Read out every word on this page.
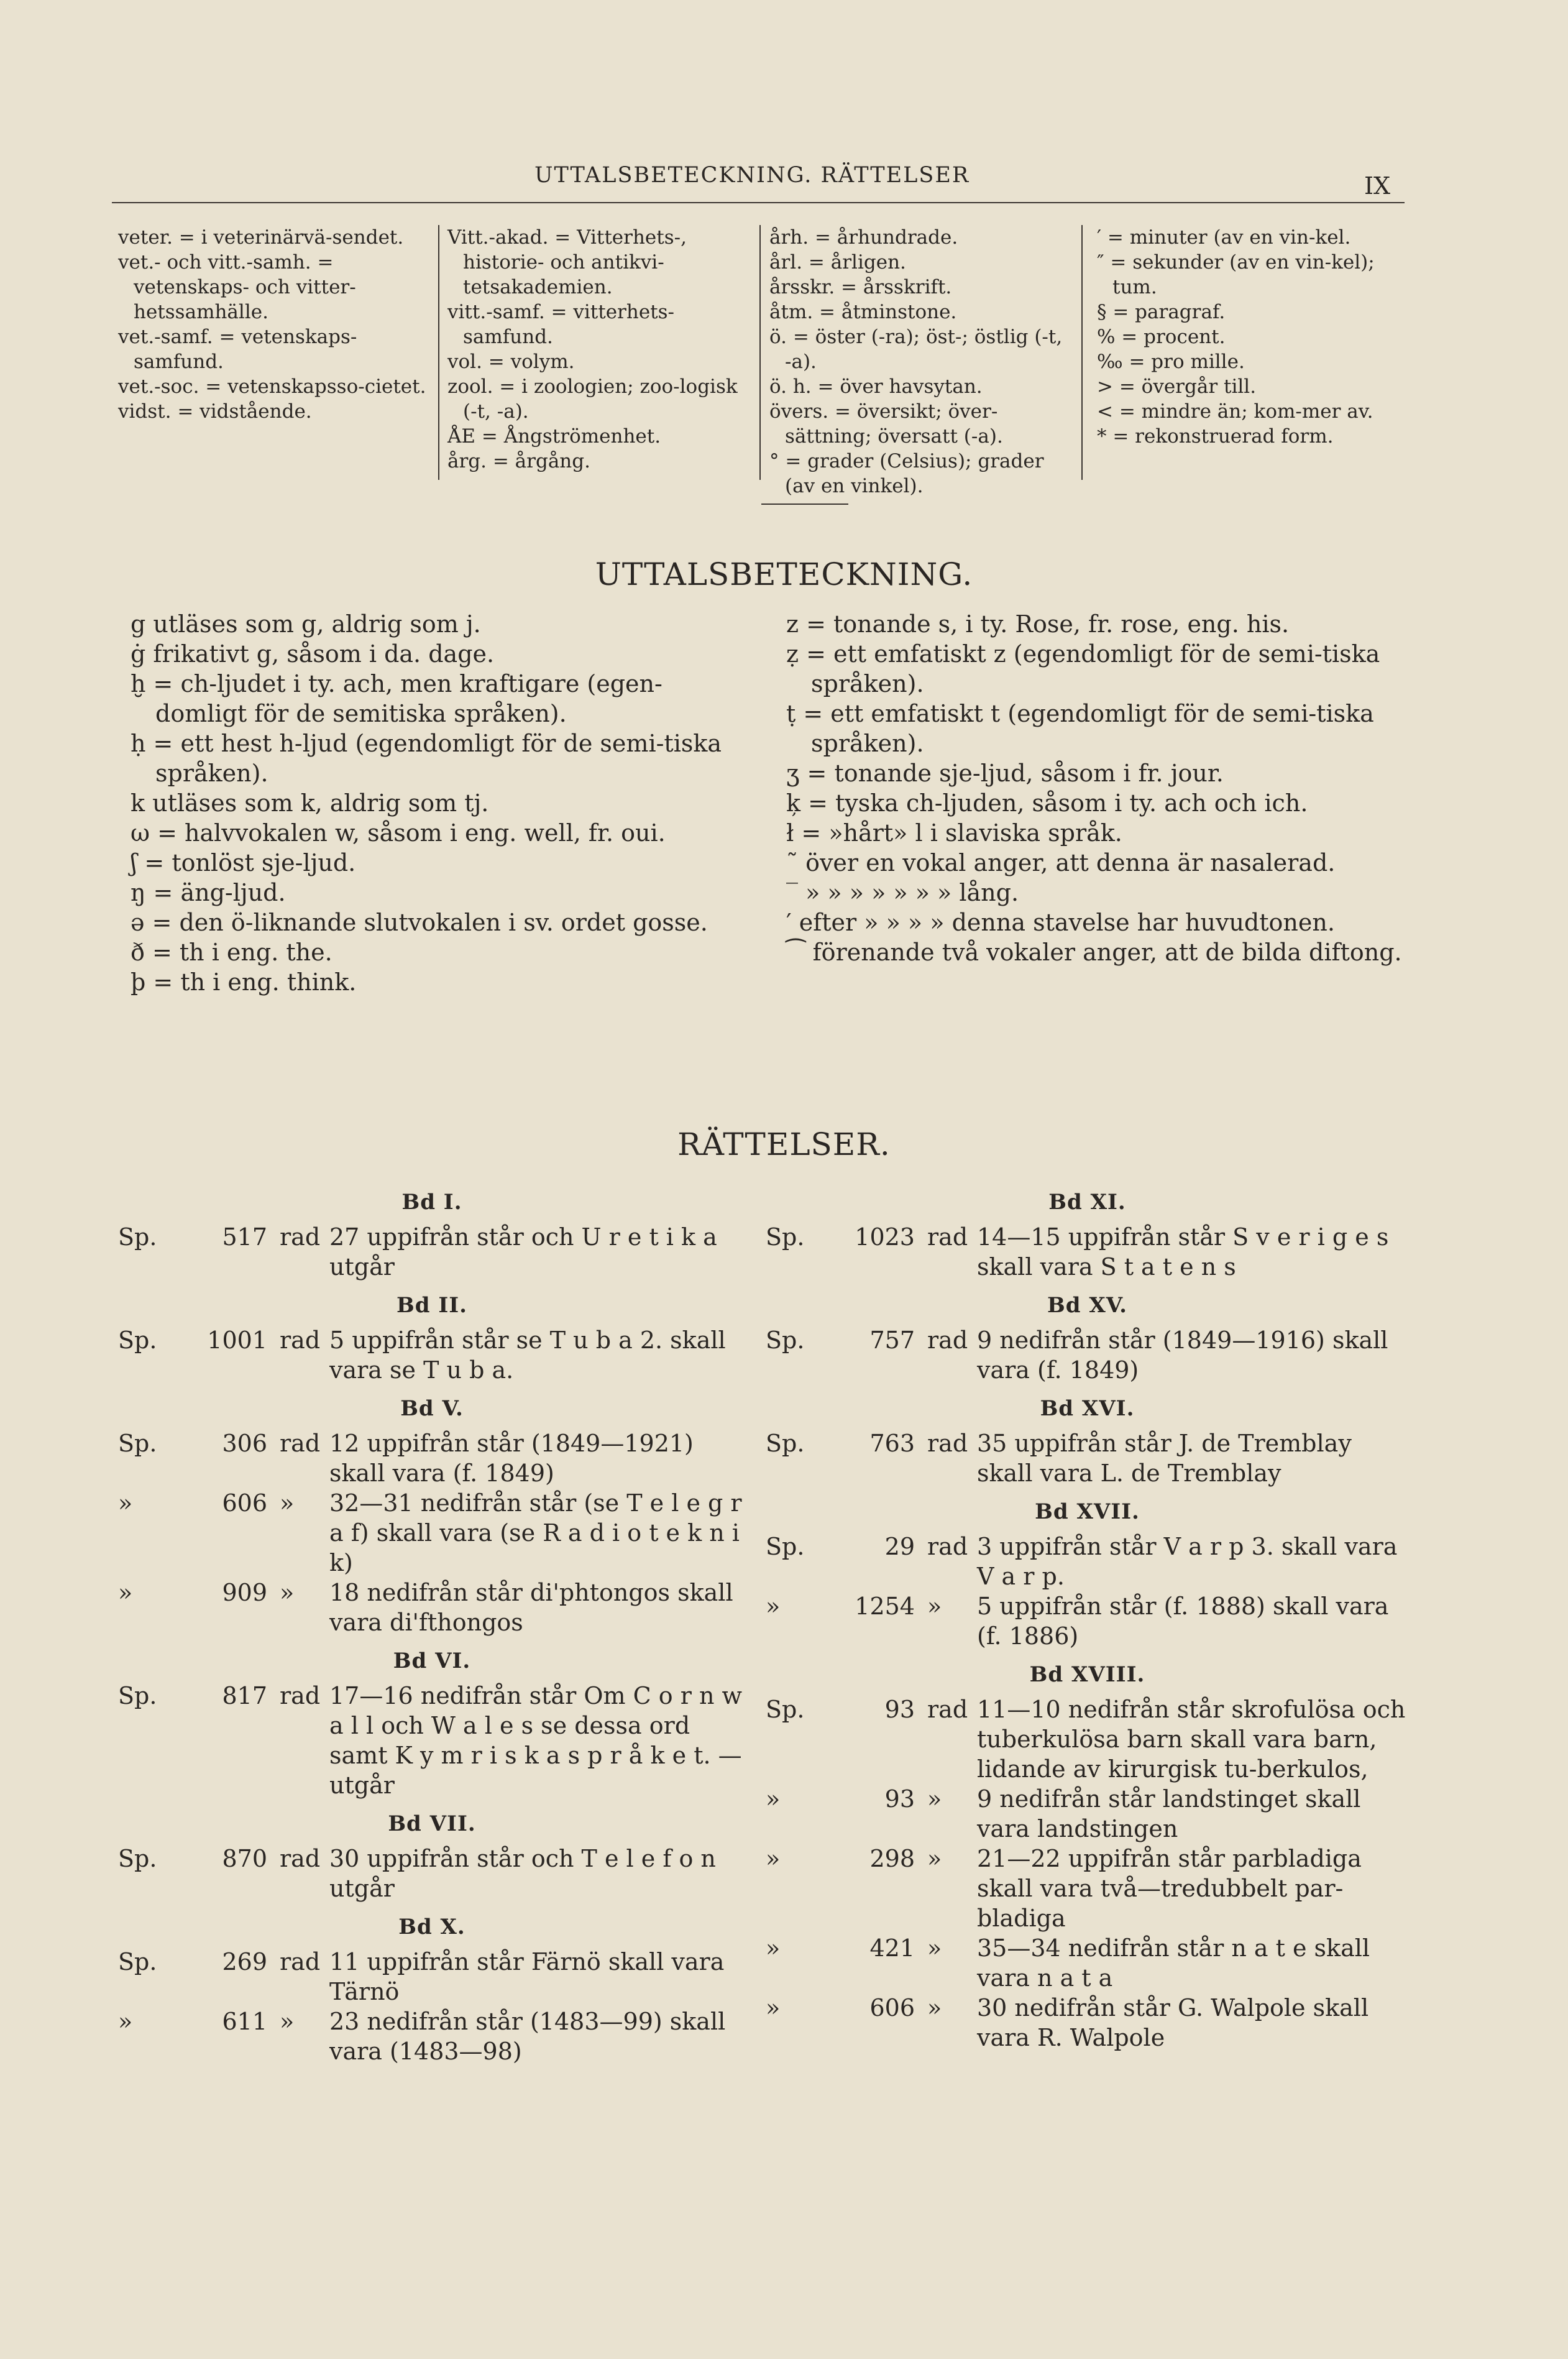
UTTALSBETECKNING. RÄTTELSER	IX

veter. = i veterinärvä-sendet.

vet.- och vitt.-samh. = vetenskaps- och vitter-hetssamhälle.

vet.-samf. = vetenskaps-samfund.

vet.-soc. = vetenskapsso-cietet.

vidst. = vidstående.

Vitt.-akad. = Vitterhets-, historie- och antikvi-tetsakademien.

vitt.-samf. = vitterhets-samfund.

vol. = volym.

zool. = i zoologien; zoo-logisk (-t, -a).

ÅE = Ångströmenhet.

årg. = årgång.

årh. = århundrade.

årl. = årligen.

årsskr. = årsskrift.

åtm. = åtminstone.

ö. = öster (-ra); öst-; östlig (-t, -a).

ö. h. = över havsytan.

övers. = översikt; över-sättning; översatt (-a).

° = grader (Celsius); grader (av en vinkel).

′ = minuter (av en vin-kel.

″ = sekunder (av en vin-kel); tum.

§ = paragraf.

% = procent.

‰ = pro mille.

> = övergår till.

< = mindre än; kom-mer av.

* = rekonstruerad form.

UTTALSBETECKNING.

g utläses som g, aldrig som j.

ġ frikativt g, såsom i da. dage.

ḫ = ch-ljudet i ty. ach, men kraftigare (egen-domligt för de semitiska språken).

ḥ = ett hest h-ljud (egendomligt för de semi-tiska språken).

k utläses som k, aldrig som tj.

ω = halvvokalen w, såsom i eng. well, fr. oui.

ʃ = tonlöst sje-ljud.

ŋ = äng-ljud.

ə = den ö-liknande slutvokalen i sv. ordet gosse.

ð = th i eng. the.

þ = th i eng. think.

z = tonande s, i ty. Rose, fr. rose, eng. his.

ẓ = ett emfatiskt z (egendomligt för de semi-tiska språken).

ṭ = ett emfatiskt t (egendomligt för de semi-tiska språken).

ʒ = tonande sje-ljud, såsom i fr. jour.

ķ = tyska ch-ljuden, såsom i ty. ach och ich.

ł = »hårt» l i slaviska språk.

˜ över en vokal anger, att denna är nasalerad.

‾ » » » » » » » lång.

′ efter » » » » denna stavelse har huvudtonen.

⁀ förenande två vokaler anger, att de bilda diftong.

RÄTTELSER.
Bd I.
Sp.	517 rad 27 uppifrån står och U r e t i k a utgår
Bd II.
Sp.	1001 rad 5 uppifrån står se T u b a 2. skall vara se T u b a.
Bd V.
Sp.	306 rad 12 uppifrån står (1849—1921) skall vara (f. 1849)
»	606 »	32—31 nedifrån står (se T e l e g r a f) skall vara (se R a d i o t e k n i k)
»	909 »	18 nedifrån står di'phtongos skall vara di'fthongos
Bd VI.
Sp.	817 rad 17—16 nedifrån står Om C o r n w a l l och W a l e s se dessa ord samt K y m r i s k a s p r å k e t. — utgår
Bd VII.
Sp.	870 rad 30 uppifrån står och T e l e f o n utgår
Bd X.
Sp.	269 rad 11 uppifrån står Färnö skall vara Tärnö
»	611 »	23 nedifrån står (1483—99) skall vara (1483—98)
Bd XI.
Sp.	1023 rad 14—15 uppifrån står S v e r i g e s skall vara S t a t e n s
Bd XV.
Sp.	757 rad 9 nedifrån står (1849—1916) skall vara (f. 1849)
Bd XVI.
Sp.	763 rad 35 uppifrån står J. de Tremblay skall vara L. de Tremblay
Bd XVII.
Sp.	29 rad 3 uppifrån står V a r p 3. skall vara V a r p.
»	1254 »	5 uppifrån står (f. 1888) skall vara (f. 1886)
Bd XVIII.
Sp.	93 rad 11—10 nedifrån står skrofulösa och tuberkulösa barn skall vara barn, lidande av kirurgisk tu-berkulos,
»	93 »	9 nedifrån står landstinget skall vara landstingen
»	298 »	21—22 uppifrån står parbladiga skall vara två—tredubbelt par-bladiga
»	421 »	35—34 nedifrån står n a t e skall vara n a t a
»	606 »	30 nedifrån står G. Walpole skall vara R. Walpole
